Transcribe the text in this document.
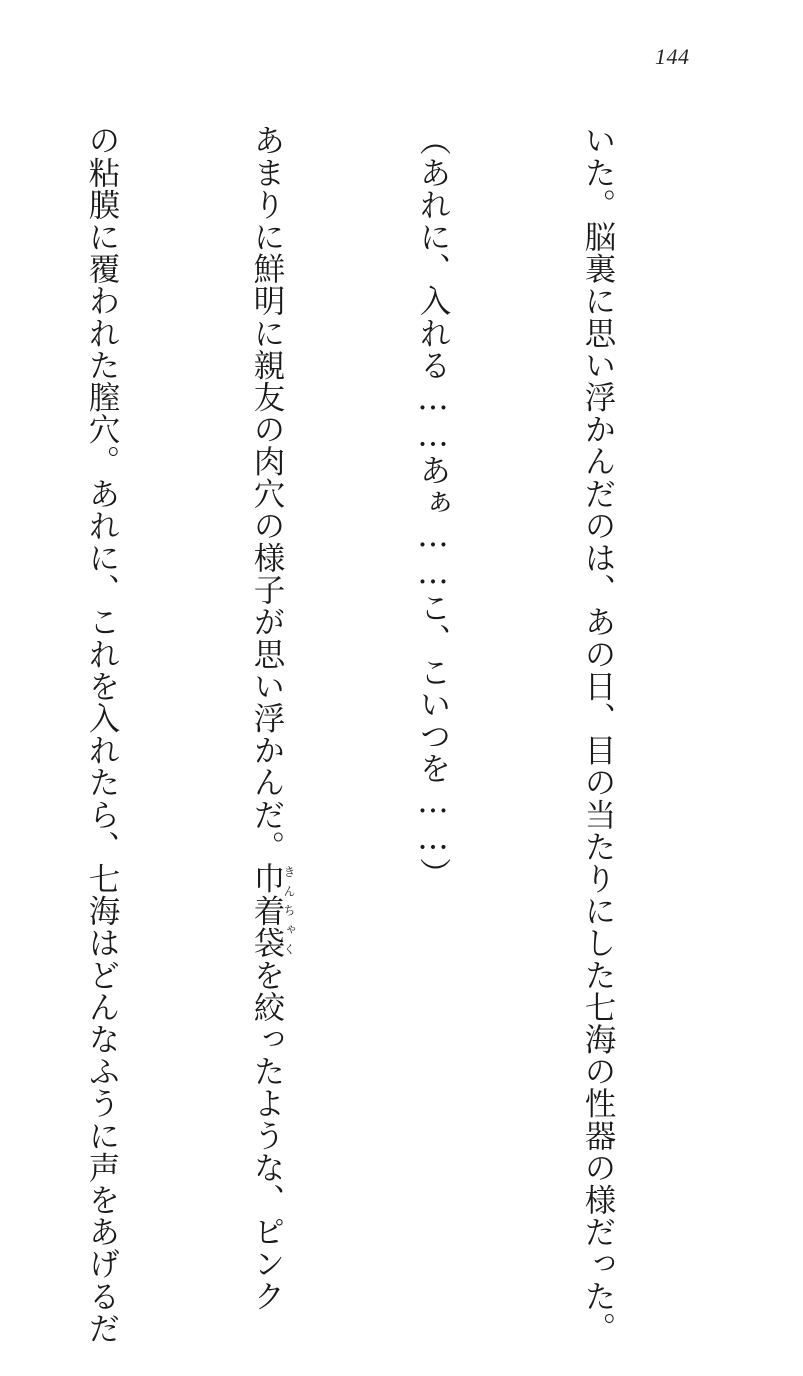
144

いた。脳裏に思い浮かんだのは、あの日、目の当たりにした七海の性器の様だった。

（あれに、入れる……あぁ……こ、こいつを……）

あまりに鮮明に親友の肉穴の様子が思い浮かんだ。巾着袋きんちゃくを絞ったような、ピンク

の粘膜に覆われた膣穴。あれに、これを入れたら、七海はどんなふうに声をあげるだ
